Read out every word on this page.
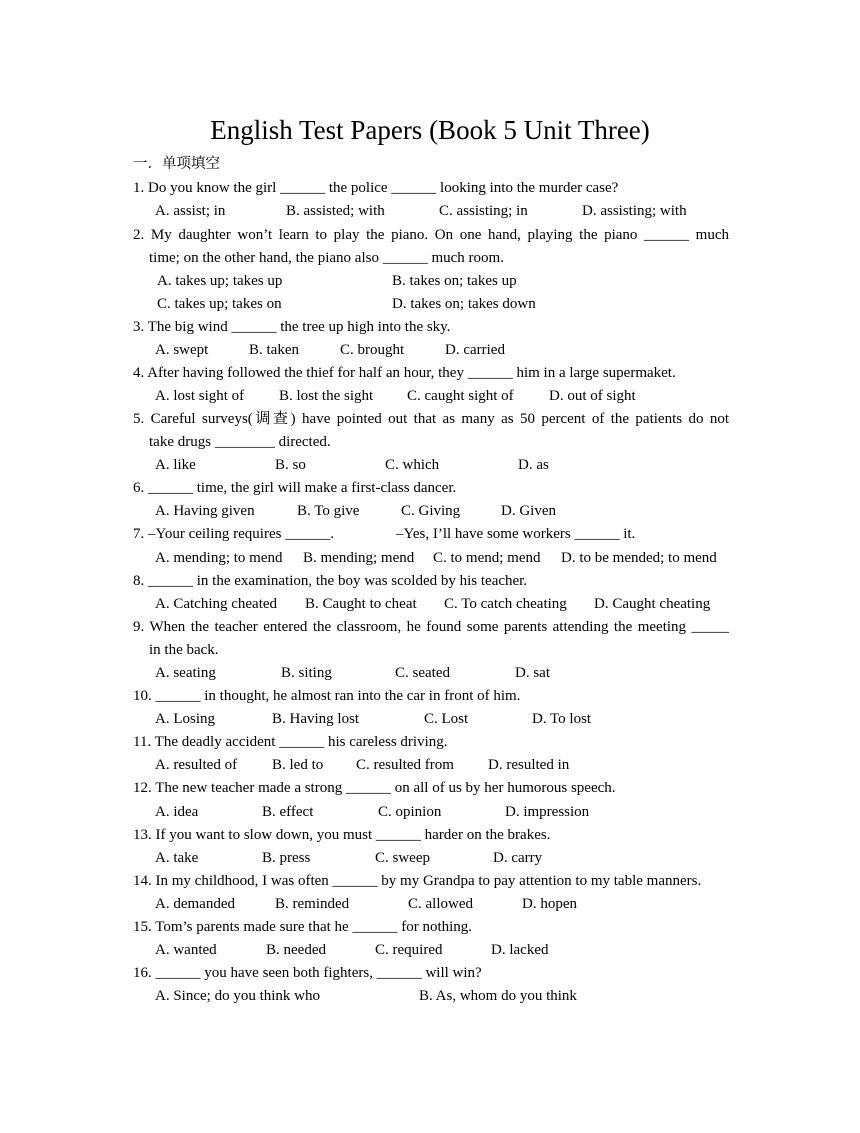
English Test Papers (Book 5 Unit Three)
一．单项填空
1. Do you know the girl ______ the police ______ looking into the murder case?
A. assist; in	B. assisted; with	C. assisting; in	D. assisting; with
2. My daughter won’t learn to play the piano. On one hand, playing the piano ______ much
time; on the other hand, the piano also ______ much room.
A. takes up; takes up	B. takes on; takes up
C. takes up; takes on	D. takes on; takes down
3. The big wind ______ the tree up high into the sky.
A. swept	B. taken	C. brought	D. carried
4. After having followed the thief for half an hour, they ______ him in a large supermaket.
A. lost sight of B. lost the sight C. caught sight of D. out of sight
5. Careful surveys(调查) have pointed out that as many as 50 percent of the patients do not
take drugs ________ directed.
A. like	B. so	C. which	D. as
6. ______ time, the girl will make a first-class dancer.
A. Having given	B. To give	C. Giving	D. Given
7. –Your ceiling requires ______.	–Yes, I’ll have some workers ______ it.
A. mending; to mend B. mending; mend C. to mend; mend D. to be mended; to mend
8. ______ in the examination, the boy was scolded by his teacher.
A. Catching cheated B. Caught to cheat C. To catch cheating D. Caught cheating
9. When the teacher entered the classroom, he found some parents attending the meeting _____
in the back.
A. seating	B. siting	C. seated	D. sat
10. ______ in thought, he almost ran into the car in front of him.
A. Losing	B. Having lost	C. Lost	D. To lost
11. The deadly accident ______ his careless driving.
A. resulted of B. led to C. resulted from D. resulted in
12. The new teacher made a strong ______ on all of us by her humorous speech.
A. idea	B. effect	C. opinion	D. impression
13. If you want to slow down, you must ______ harder on the brakes.
A. take	B. press	C. sweep	D. carry
14. In my childhood, I was often ______ by my Grandpa to pay attention to my table manners.
A. demanded	B. reminded	C. allowed	D. hopen
15. Tom’s parents made sure that he ______ for nothing.
A. wanted	B. needed	C. required	D. lacked
16. ______ you have seen both fighters, ______ will win?
A. Since; do you think who	B. As, whom do you think
